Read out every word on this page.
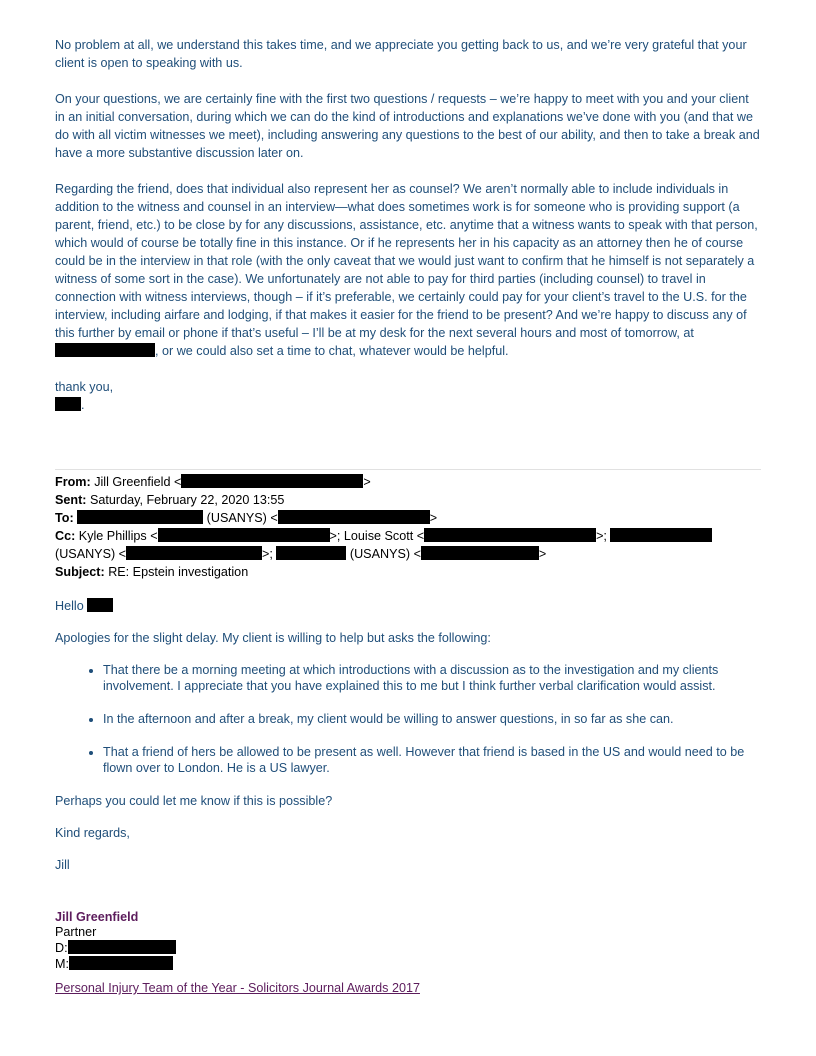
No problem at all, we understand this takes time, and we appreciate you getting back to us, and we’re very grateful that your client is open to speaking with us.

On your questions, we are certainly fine with the first two questions / requests – we’re happy to meet with you and your client in an initial conversation, during which we can do the kind of introductions and explanations we’ve done with you (and that we do with all victim witnesses we meet), including answering any questions to the best of our ability, and then to take a break and have a more substantive discussion later on.

Regarding the friend, does that individual also represent her as counsel? We aren’t normally able to include individuals in addition to the witness and counsel in an interview—what does sometimes work is for someone who is providing support (a parent, friend, etc.) to be close by for any discussions, assistance, etc. anytime that a witness wants to speak with that person, which would of course be totally fine in this instance. Or if he represents her in his capacity as an attorney then he of course could be in the interview in that role (with the only caveat that we would just want to confirm that he himself is not separately a witness of some sort in the case). We unfortunately are not able to pay for third parties (including counsel) to travel in connection with witness interviews, though – if it’s preferable, we certainly could pay for your client’s travel to the U.S. for the interview, including airfare and lodging, if that makes it easier for the friend to be present? And we’re happy to discuss any of this further by email or phone if that’s useful – I’ll be at my desk for the next several hours and most of tomorrow, at , or we could also set a time to chat, whatever would be helpful.

thank you,
.
From: Jill Greenfield <	>
Sent: Saturday, February 22, 2020 13:55
To:	(USANYS) <	>
Cc: Kyle Phillips <	>; Louise Scott <	>;
(USANYS) <	>;	(USANYS) <	>
Subject: RE: Epstein investigation

Hello

Apologies for the slight delay. My client is willing to help but asks the following:

• That there be a morning meeting at which introductions with a discussion as to the investigation and my clients involvement. I appreciate that you have explained this to me but I think further verbal clarification would assist.
• In the afternoon and after a break, my client would be willing to answer questions, in so far as she can.
• That a friend of hers be allowed to be present as well. However that friend is based in the US and would need to be flown over to London. He is a US lawyer.

Perhaps you could let me know if this is possible?

Kind regards,

Jill

Jill Greenfield
Partner
D:
M:
Personal Injury Team of the Year - Solicitors Journal Awards 2017
